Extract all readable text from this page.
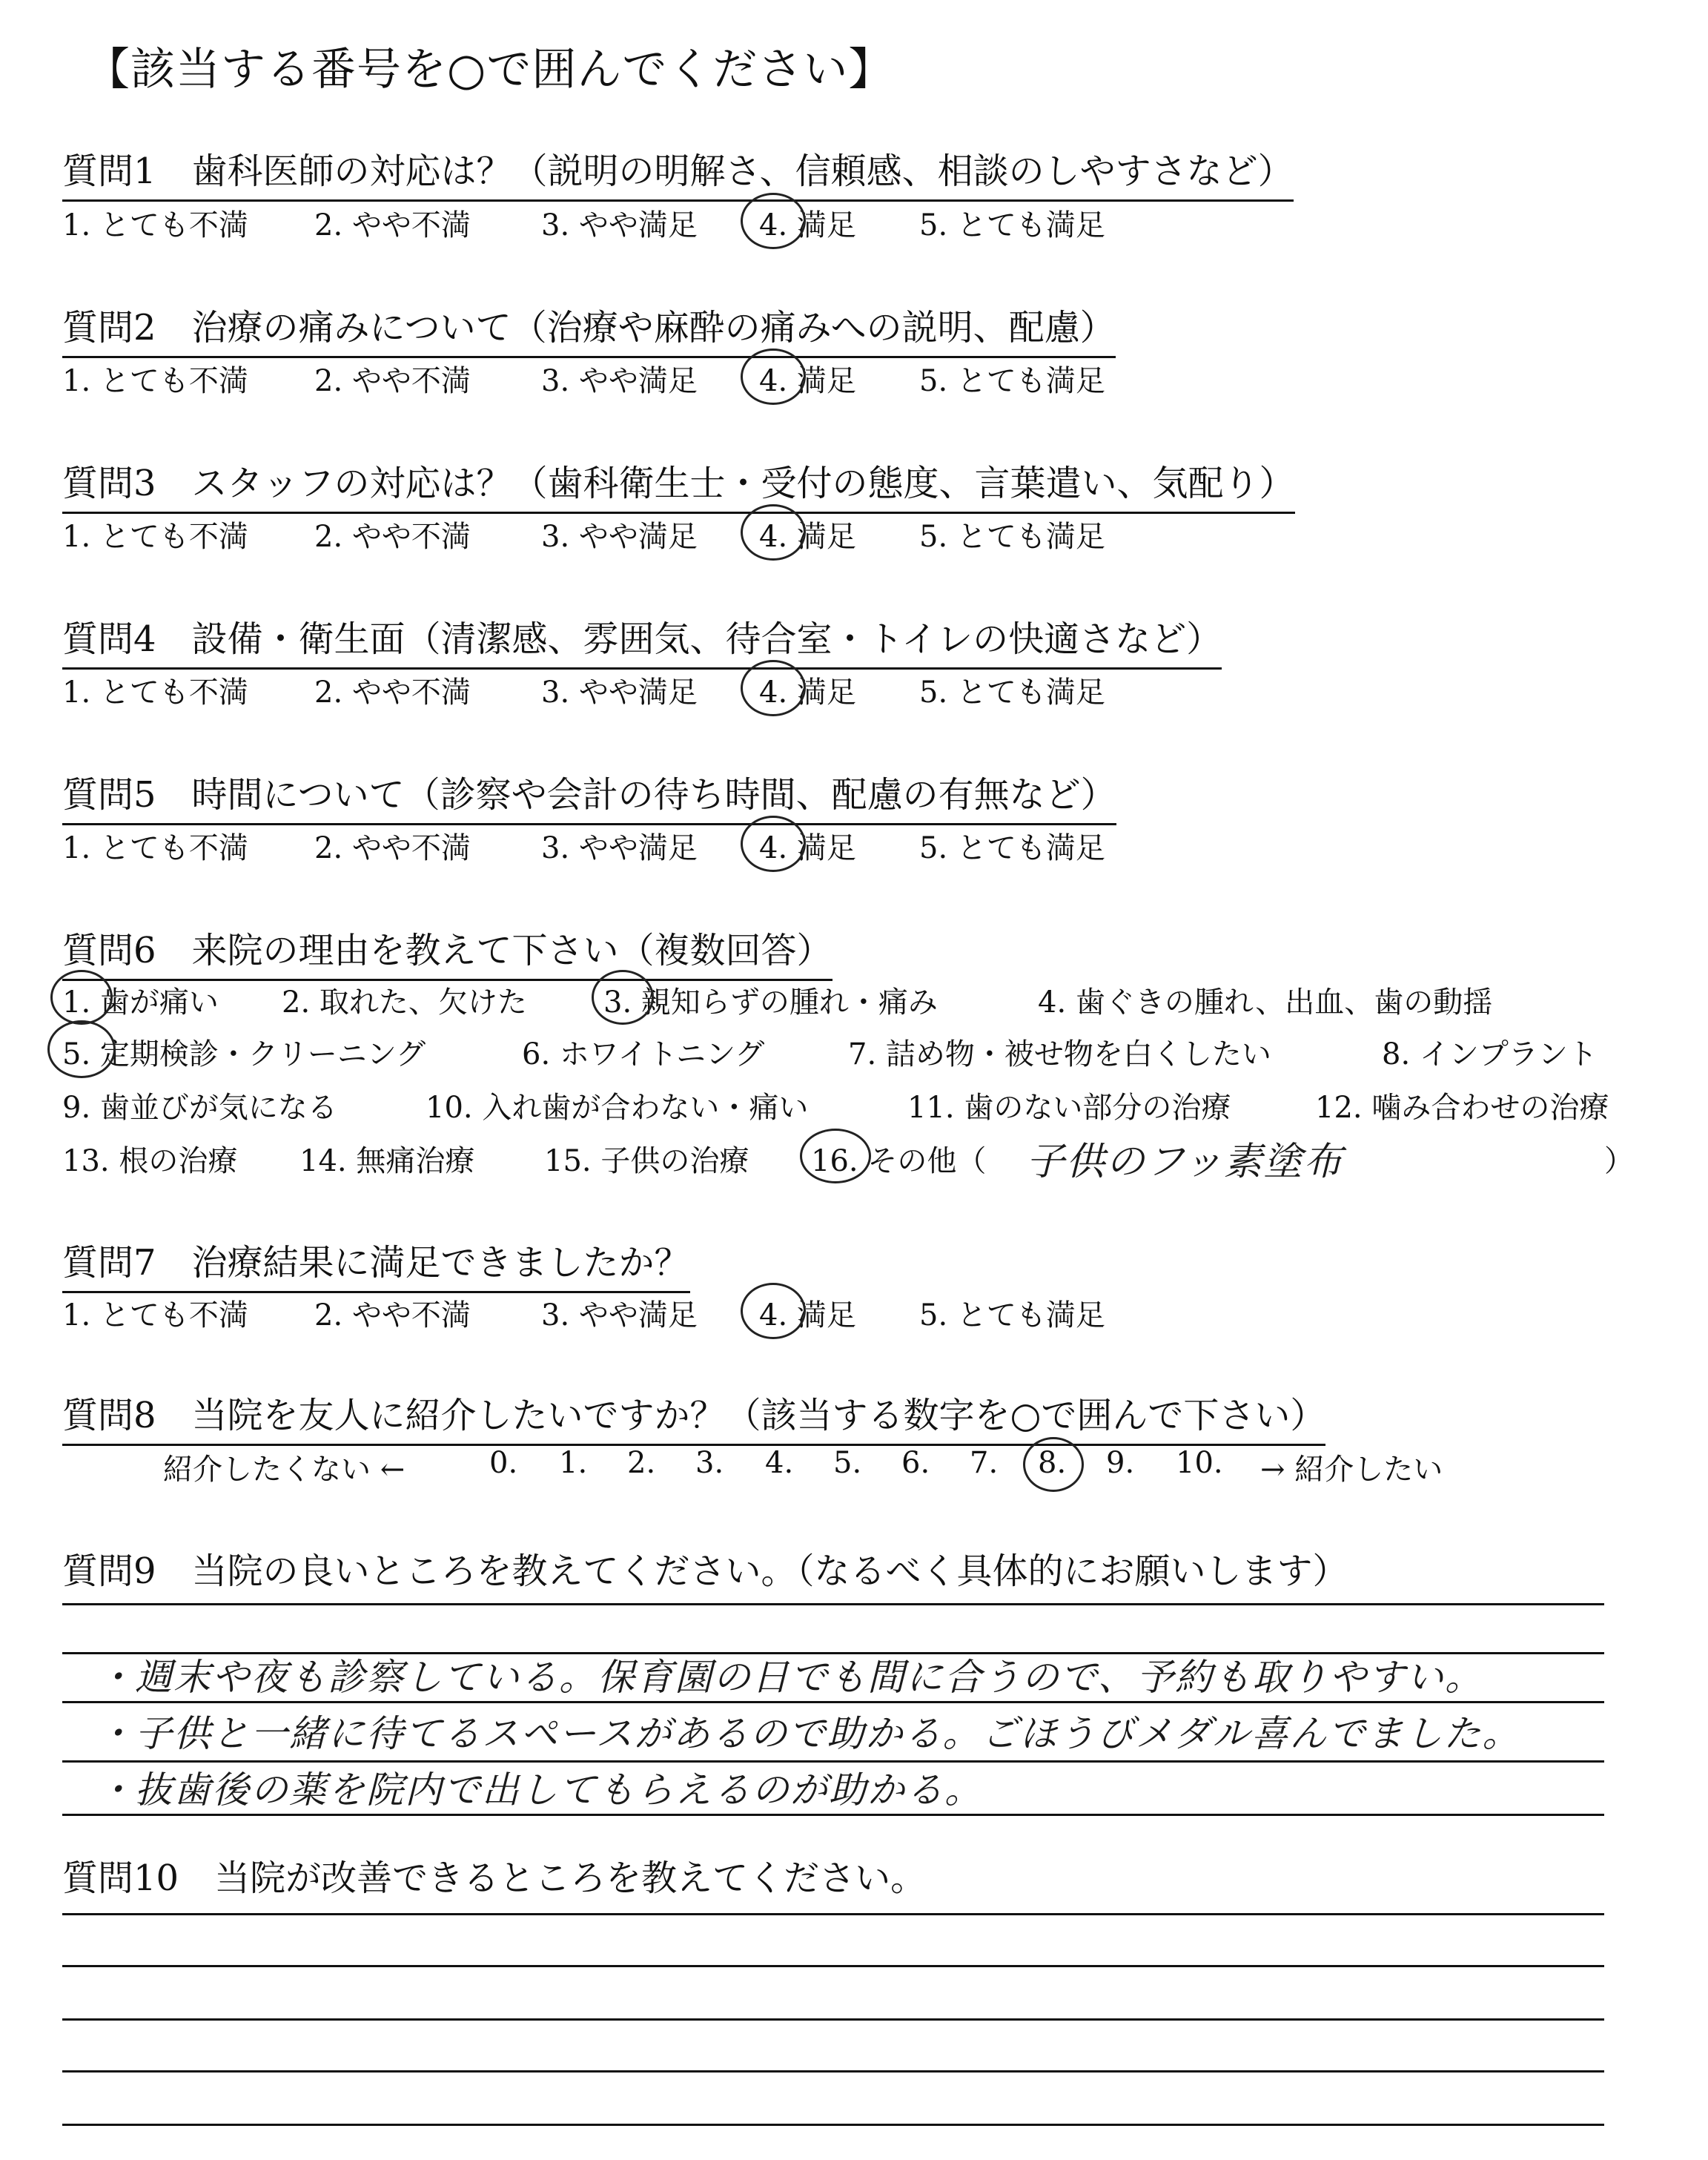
【該当する番号を○で囲んでください】
質問1　歯科医師の対応は？（説明の明解さ、信頼感、相談のしやすさなど）
1. とても不満 2. やや不満 3. やや満足 4. 満足 5. とても満足
質問2　治療の痛みについて（治療や麻酔の痛みへの説明、配慮）
1. とても不満 2. やや不満 3. やや満足 4. 満足 5. とても満足
質問3　スタッフの対応は？（歯科衛生士・受付の態度、言葉遣い、気配り）
1. とても不満 2. やや不満 3. やや満足 4. 満足 5. とても満足
質問4　設備・衛生面（清潔感、雰囲気、待合室・トイレの快適さなど）
1. とても不満 2. やや不満 3. やや満足 4. 満足 5. とても満足
質問5　時間について（診察や会計の待ち時間、配慮の有無など）
1. とても不満 2. やや不満 3. やや満足 4. 満足 5. とても満足
質問6　来院の理由を教えて下さい（複数回答）
1. 歯が痛い 2. 取れた、欠けた	3. 親知らずの腫れ・痛み	4. 歯ぐきの腫れ、出血、歯の動揺
5. 定期検診・クリーニング	6. ホワイトニング	7. 詰め物・被せ物を白くしたい	8. インプラント
9. 歯並びが気になる	10. 入れ歯が合わない・痛い	11. 歯のない部分の治療	12. 噛み合わせの治療
13. 根の治療 14. 無痛治療 15. 子供の治療 16. その他（ 子供のフッ素塗布	）
質問7　治療結果に満足できましたか？
1. とても不満 2. やや不満 3. やや満足 4. 満足 5. とても満足
質問8　当院を友人に紹介したいですか？（該当する数字を○で囲んで下さい）
紹介したくない ←	0. 1. 2. 3. 4. 5. 6. 7. 8. 9. 10. → 紹介したい
質問9　当院の良いところを教えてください。（なるべく具体的にお願いします）
・週末や夜も診察している。保育園の日でも間に合うので、予約も取りやすい。
・子供と一緒に待てるスペースがあるので助かる。ごほうびメダル喜んでました。
・抜歯後の薬を院内で出してもらえるのが助かる。
質問10　当院が改善できるところを教えてください。
